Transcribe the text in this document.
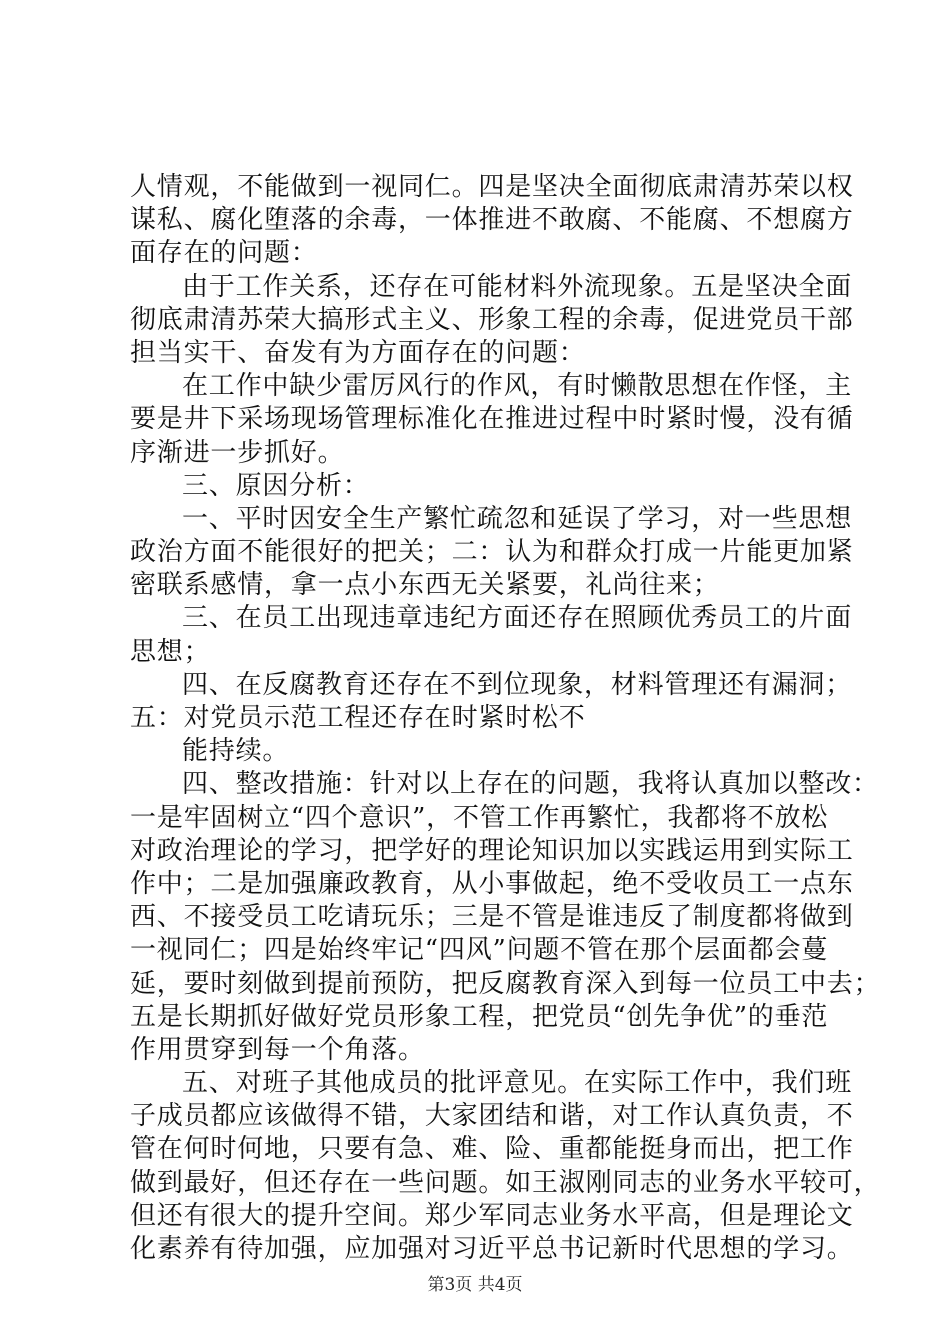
人情观，不能做到一视同仁。四是坚决全面彻底肃清苏荣以权
谋私、腐化堕落的余毒，一体推进不敢腐、不能腐、不想腐方
面存在的问题：
由于工作关系，还存在可能材料外流现象。五是坚决全面
彻底肃清苏荣大搞形式主义、形象工程的余毒，促进党员干部
担当实干、奋发有为方面存在的问题：
在工作中缺少雷厉风行的作风，有时懒散思想在作怪，主
要是井下采场现场管理标准化在推进过程中时紧时慢，没有循
序渐进一步抓好。
三、原因分析：
一、平时因安全生产繁忙疏忽和延误了学习，对一些思想
政治方面不能很好的把关；二：认为和群众打成一片能更加紧
密联系感情，拿一点小东西无关紧要，礼尚往来；
三、在员工出现违章违纪方面还存在照顾优秀员工的片面
思想；
四、在反腐教育还存在不到位现象，材料管理还有漏洞；
五：对党员示范工程还存在时紧时松不
能持续。
四、整改措施：针对以上存在的问题，我将认真加以整改：
一是牢固树立“四个意识”，不管工作再繁忙，我都将不放松
对政治理论的学习，把学好的理论知识加以实践运用到实际工
作中；二是加强廉政教育，从小事做起，绝不受收员工一点东
西、不接受员工吃请玩乐；三是不管是谁违反了制度都将做到
一视同仁；四是始终牢记“四风”问题不管在那个层面都会蔓
延，要时刻做到提前预防，把反腐教育深入到每一位员工中去；
五是长期抓好做好党员形象工程，把党员“创先争优”的垂范
作用贯穿到每一个角落。
五、对班子其他成员的批评意见。在实际工作中，我们班
子成员都应该做得不错，大家团结和谐，对工作认真负责，不
管在何时何地，只要有急、难、险、重都能挺身而出，把工作
做到最好，但还存在一些问题。如王淑刚同志的业务水平较可，
但还有很大的提升空间。郑少军同志业务水平高，但是理论文
化素养有待加强，应加强对习近平总书记新时代思想的学习。
第3页 共4页
